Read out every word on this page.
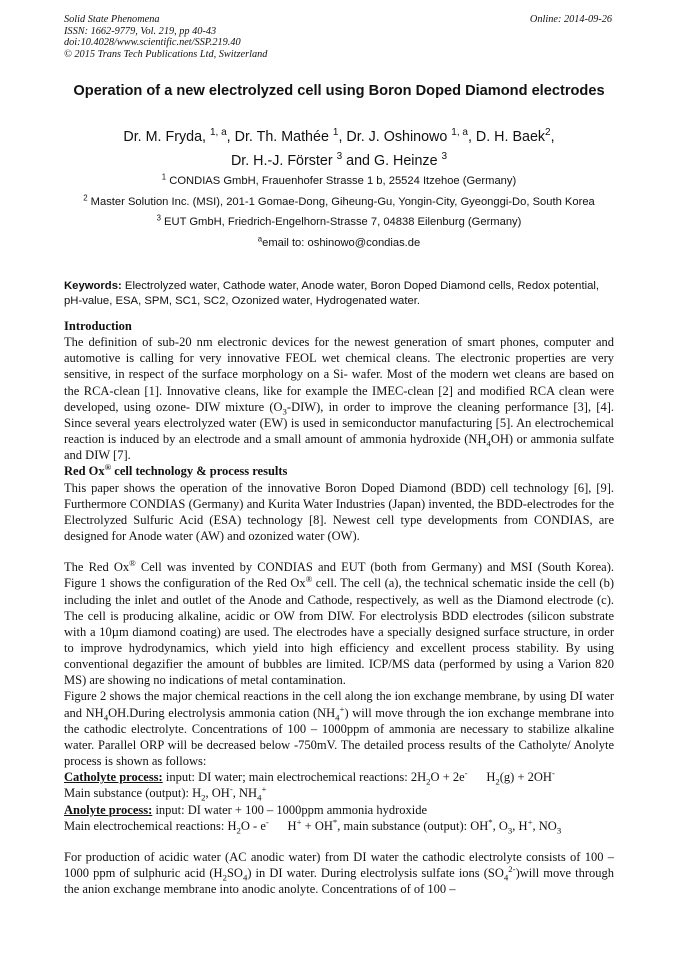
Solid State Phenomena
ISSN: 1662-9779, Vol. 219, pp 40-43
doi:10.4028/www.scientific.net/SSP.219.40
© 2015 Trans Tech Publications Ltd, Switzerland
Online: 2014-09-26
Operation of a new electrolyzed cell using Boron Doped Diamond electrodes
Dr. M. Fryda, $^{1, a}$, Dr. Th. Mathée $^1$, Dr. J. Oshinowo $^{1, a}$, D. H. Baek$^2$,
Dr. H.-J. Förster $^3$ and G. Heinze $^3$
$^1$ CONDIAS GmbH, Frauenhofer Strasse 1 b, 25524 Itzehoe (Germany)
$^2$ Master Solution Inc. (MSI), 201-1 Gomae-Dong, Giheung-Gu, Yongin-City, Gyeonggi-Do, South Korea
$^3$ EUT GmbH, Friedrich-Engelhorn-Strasse 7, 04838 Eilenburg (Germany)
$^a$email to: oshinowo@condias.de
Keywords: Electrolyzed water, Cathode water, Anode water, Boron Doped Diamond cells, Redox potential, pH-value, ESA, SPM, SC1, SC2, Ozonized water, Hydrogenated water.

Introduction

The definition of sub-20 nm electronic devices for the newest generation of smart phones, computer and automotive is calling for very innovative FEOL wet chemical cleans. The electronic properties are very sensitive, in respect of the surface morphology on a Si- wafer. Most of the modern wet cleans are based on the RCA-clean [1]. Innovative cleans, like for example the IMEC-clean [2] and modified RCA clean were developed, using ozone- DIW mixture $(O_3-DIW)$, in order to improve the cleaning performance [3], [4]. Since several years electrolyzed water (EW) is used in semiconductor manufacturing [5]. An electrochemical reaction is induced by an electrode and a small amount of ammonia hydroxide $(NH_4OH)$ or ammonia sulfate and DIW [7].

Red Ox® cell technology & process results

This paper shows the operation of the innovative Boron Doped Diamond (BDD) cell technology [6], [9]. Furthermore CONDIAS (Germany) and Kurita Water Industries (Japan) invented, the BDD-electrodes for the Electrolyzed Sulfuric Acid (ESA) technology [8]. Newest cell type developments from CONDIAS, are designed for Anode water (AW) and ozonized water (OW).

The Red Ox® Cell was invented by CONDIAS and EUT (both from Germany) and MSI (South Korea). Figure 1 shows the configuration of the Red Ox® cell. The cell (a), the technical schematic inside the cell (b) including the inlet and outlet of the Anode and Cathode, respectively, as well as the Diamond electrode (c). The cell is producing alkaline, acidic or OW from DIW. For electrolysis BDD electrodes (silicon substrate with a 10µm diamond coating) are used. The electrodes have a specially designed surface structure, in order to improve hydrodynamics, which yield into high efficiency and excellent process stability. By using conventional degazifier the amount of bubbles are limited. ICP/MS data (performed by using a Varion 820 MS) are showing no indications of metal contamination.

Figure 2 shows the major chemical reactions in the cell along the ion exchange membrane, by using DI water and $NH_4OH.During$ electrolysis ammonia cation $(NH_4^+)$ will move through the ion exchange membrane into the cathodic electrolyte. Concentrations of 100 – 1000ppm of ammonia are necessary to stabilize alkaline water. Parallel ORP will be decreased below -750mV. The detailed process results of the Catholyte/ Anolyte process is shown as follows:

Catholyte process: input: DI water; main electrochemical reactions: $2H_2O + 2e^-$      $H_2(g) + 2OH^-$

Main substance (output): $H_2$, OH-, $NH_4^+$

Anolyte process: input: DI water + 100 – 1000ppm ammonia hydroxide

Main electrochemical reactions: $H_2O - e^-$      H+ + OH*, main substance (output): OH*, $O_3$, H+, $NO_3$

For production of acidic water (AC anodic water) from DI water the cathodic electrolyte consists of 100 – 1000 ppm of sulphuric acid $(H_2SO_4)$ in DI water. During electrolysis sulfate ions $(SO_4^{2-})will$ move through the anion exchange membrane into anodic anolyte. Concentrations of of 100 –
